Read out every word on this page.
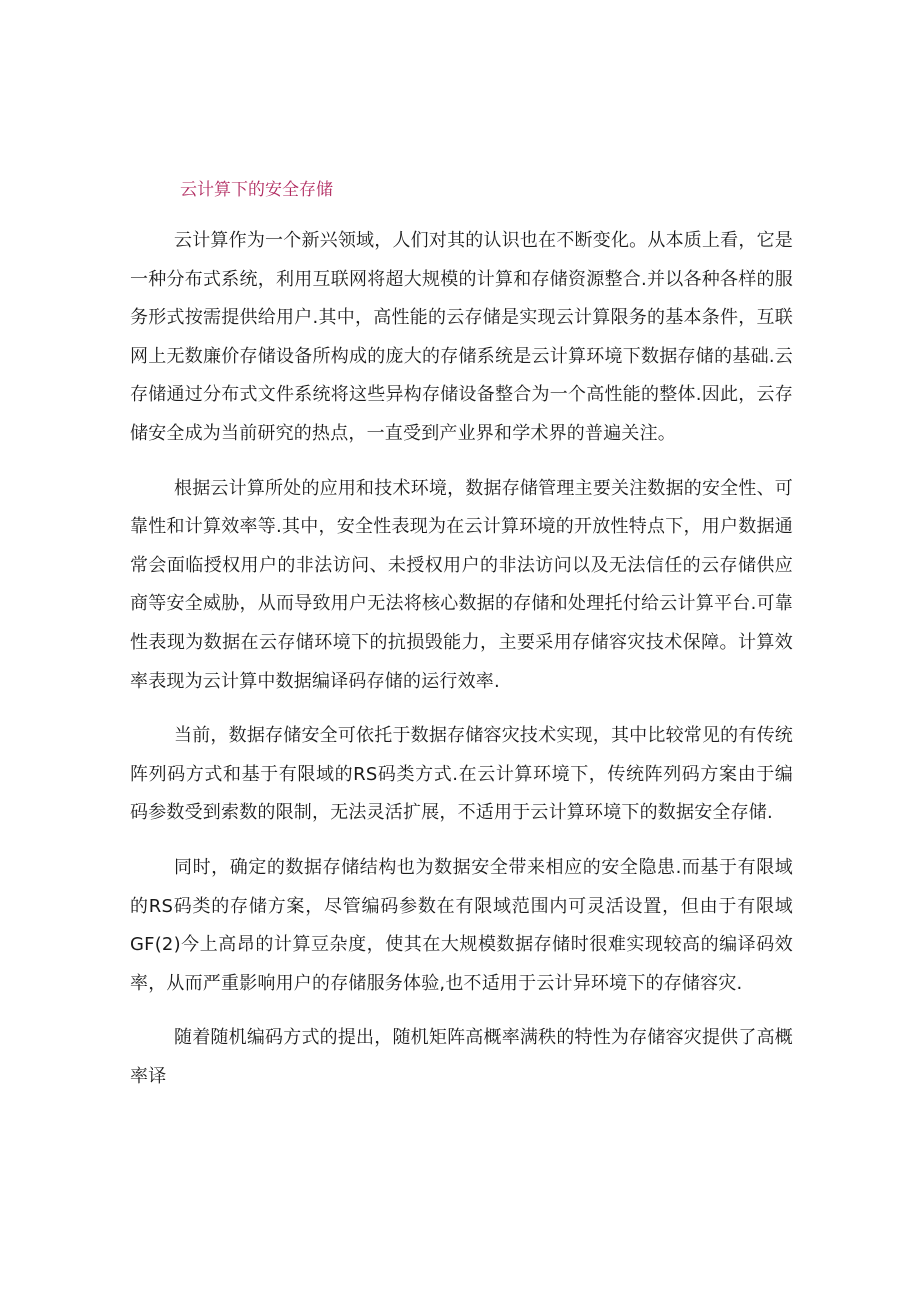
云计算下的安全存储

云计算作为一个新兴领域，人们对其的认识也在不断变化。从本质上看，它是一种分布式系统，利用互联网将超大规模的计算和存储资源整合.并以各种各样的服务形式按需提供给用户.其中，高性能的云存储是实现云计算限务的基本条件，互联网上无数廉价存储设备所构成的庞大的存储系统是云计算环境下数据存储的基础.云存储通过分布式文件系统将这些异构存储设备整合为一个高性能的整体.因此，云存储安全成为当前研究的热点，一直受到产业界和学术界的普遍关注。

根据云计算所处的应用和技术环境，数据存储管理主要关注数据的安全性、可靠性和计算效率等.其中，安全性表现为在云计算环境的开放性特点下，用户数据通常会面临授权用户的非法访问、未授权用户的非法访问以及无法信任的云存储供应商等安全威胁，从而导致用户无法将核心数据的存储和处理托付给云计算平台.可靠性表现为数据在云存储环境下的抗损毁能力，主要采用存储容灾技术保障。计算效率表现为云计算中数据编译码存储的运行效率.

当前，数据存储安全可依托于数据存储容灾技术实现，其中比较常见的有传统阵列码方式和基于有限域的RS码类方式.在云计算环境下，传统阵列码方案由于编码参数受到索数的限制，无法灵活扩展，不适用于云计算环境下的数据安全存储.

同时，确定的数据存储结构也为数据安全带来相应的安全隐患.而基于有限域的RS码类的存储方案，尽管编码参数在有限域范围内可灵活设置，但由于有限域GF(2)今上高昂的计算豆杂度，使其在大规模数据存储时很难实现较高的编译码效率，从而严重影响用户的存储服务体验,也不适用于云计异环境下的存储容灾.

随着随机编码方式的提出，随机矩阵高概率满秩的特性为存储容灾提供了高概率译
